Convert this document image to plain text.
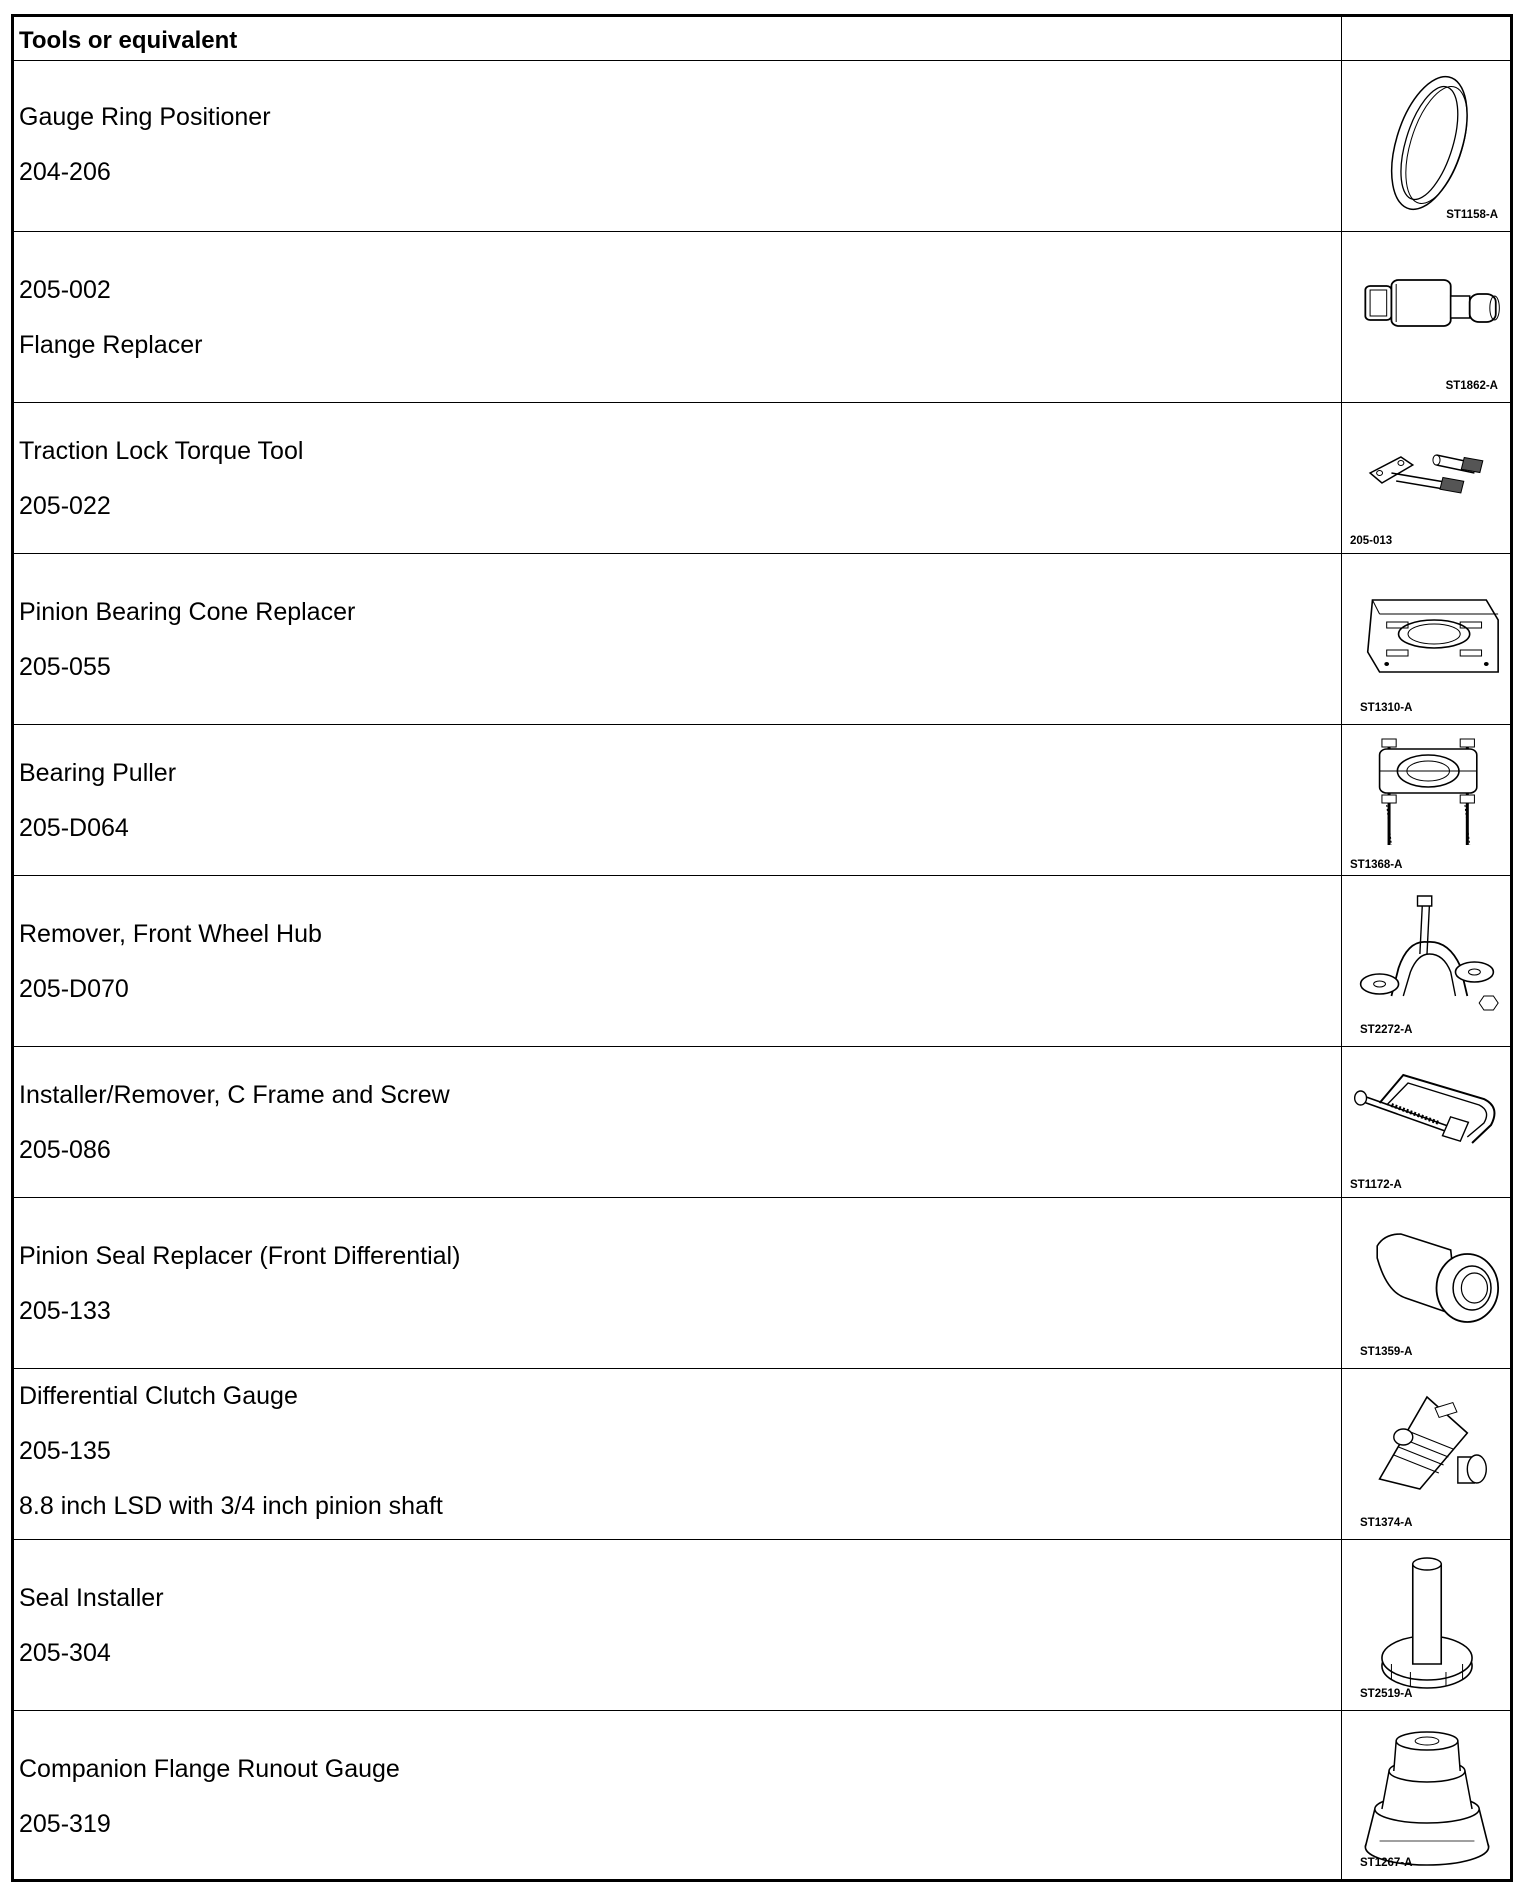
Tools or equivalent
Gauge Ring Positioner
204-206
ST1158-A
205-002
Flange Replacer
ST1862-A
Traction Lock Torque Tool
205-022
205-013
Pinion Bearing Cone Replacer
205-055
ST1310-A
Bearing Puller
205-D064
ST1368-A
Remover, Front Wheel Hub
205-D070
ST2272-A
Installer/Remover, C Frame and Screw
205-086
ST1172-A
Pinion Seal Replacer (Front Differential)
205-133
ST1359-A
Differential Clutch Gauge
205-135
8.8 inch LSD with 3/4 inch pinion shaft
ST1374-A
Seal Installer
205-304
ST2519-A
Companion Flange Runout Gauge
205-319
ST1267-A
